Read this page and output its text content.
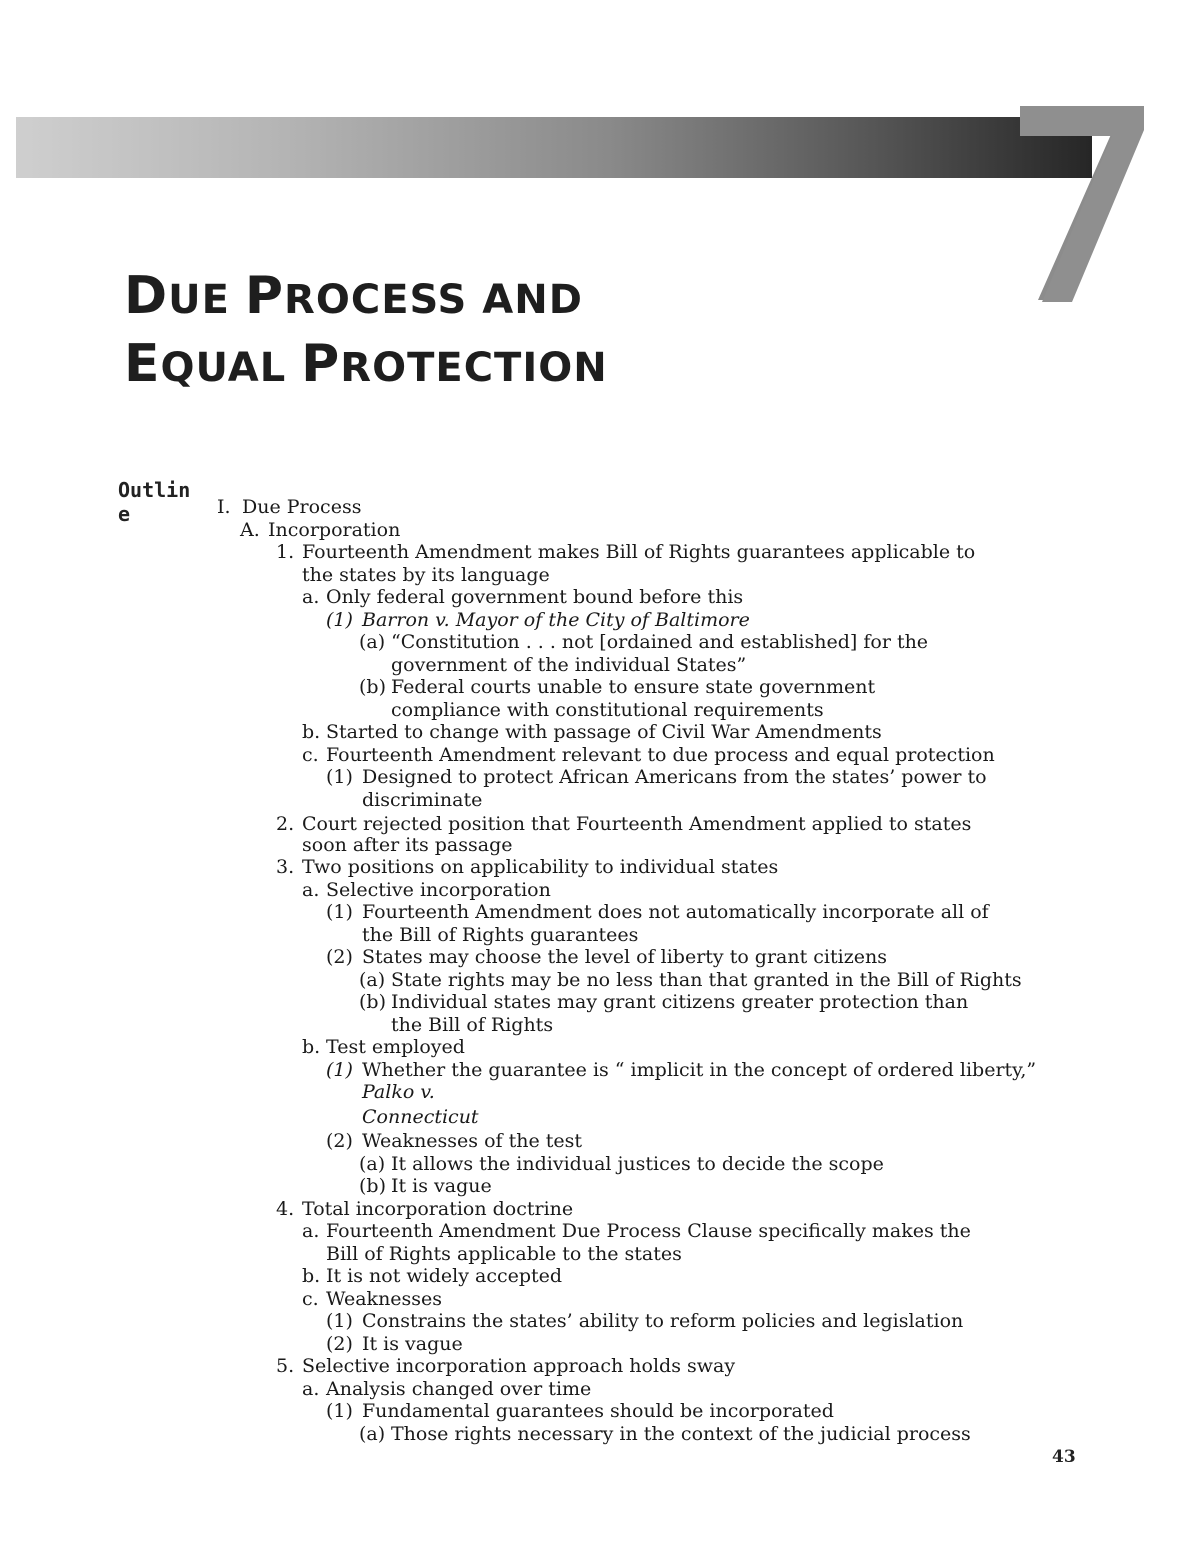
7
DUE PROCESS AND
EQUAL PROTECTION
Outline	I. Due Process
A. Incorporation
1. Fourteenth Amendment makes Bill of Rights guarantees applicable to
the states by its language
a. Only federal government bound before this
(1) Barron v. Mayor of the City of Baltimore
(a) “Constitution . . . not [ordained and established] for the
government of the individual States”
(b) Federal courts unable to ensure state government
compliance with constitutional requirements
b. Started to change with passage of Civil War Amendments
c. Fourteenth Amendment relevant to due process and equal protection
(1) Designed to protect African Americans from the states’ power to
discriminate
2. Court rejected position that Fourteenth Amendment applied to states
soon after its passage
3. Two positions on applicability to individual states
a. Selective incorporation
(1) Fourteenth Amendment does not automatically incorporate all of
the Bill of Rights guarantees
(2) States may choose the level of liberty to grant citizens
(a) State rights may be no less than that granted in the Bill of Rights
(b) Individual states may grant citizens greater protection than
the Bill of Rights
b. Test employed
(1) Whether the guarantee is “ implicit in the concept of ordered liberty,”
Palko v.
Connecticut
(2) Weaknesses of the test
(a) It allows the individual justices to decide the scope
(b) It is vague
4. Total incorporation doctrine
a. Fourteenth Amendment Due Process Clause specifically makes the
Bill of Rights applicable to the states
b. It is not widely accepted
c. Weaknesses
(1) Constrains the states’ ability to reform policies and legislation
(2) It is vague
5. Selective incorporation approach holds sway
a. Analysis changed over time
(1) Fundamental guarantees should be incorporated
(a) Those rights necessary in the context of the judicial process
43
